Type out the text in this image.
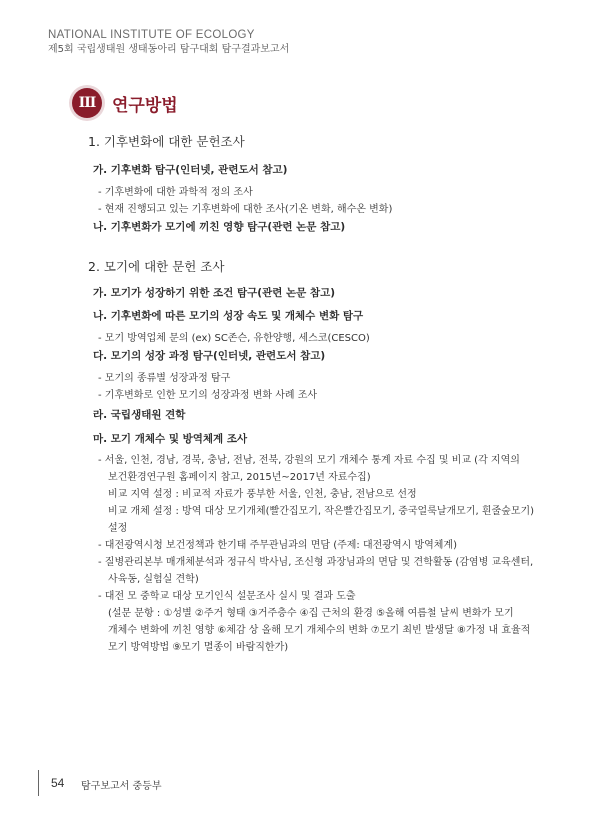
NATIONAL INSTITUTE OF ECOLOGY
제5회 국립생태원 생태동아리 탐구대회 탐구결과보고서
III 연구방법
1. 기후변화에 대한 문헌조사
가. 기후변화 탐구(인터넷, 관련도서 참고)
- 기후변화에 대한 과학적 정의 조사
- 현재 진행되고 있는 기후변화에 대한 조사(기온 변화, 해수온 변화)
나. 기후변화가 모기에 끼친 영향 탐구(관련 논문 참고)
2. 모기에 대한 문헌 조사
가. 모기가 성장하기 위한 조건 탐구(관련 논문 참고)
나. 기후변화에 따른 모기의 성장 속도 및 개체수 변화 탐구
- 모기 방역업체 문의 (ex) SC존슨, 유한양행, 세스코(CESCO)
다. 모기의 성장 과정 탐구(인터넷, 관련도서 참고)
- 모기의 종류별 성장과정 탐구
- 기후변화로 인한 모기의 성장과정 변화 사례 조사
라. 국립생태원 견학
마. 모기 개체수 및 방역체계 조사
- 서울, 인천, 경남, 경북, 충남, 전남, 전북, 강원의 모기 개체수 통계 자료 수집 및 비교 (각 지역의
보건환경연구원 홈페이지 참고, 2015년~2017년 자료수집)
비교 지역 설정 : 비교적 자료가 풍부한 서울, 인천, 충남, 전남으로 선정
비교 개체 설정 : 방역 대상 모기개체(빨간집모기, 작은빨간집모기, 중국얼룩날개모기, 흰줄숲모기)
설정
- 대전광역시청 보건정책과 한기태 주무관님과의 면담 (주제: 대전광역시 방역체계)
- 질병관리본부 매개체분석과 정규식 박사님, 조신형 과장님과의 면담 및 견학활동 (감염병 교육센터,
사육동, 실험실 견학)
- 대전 모 중학교 대상 모기인식 설문조사 실시 및 결과 도출
(설문 문항 : ①성별 ②주거 형태 ③거주층수 ④집 근처의 환경 ⑤올해 여름철 날씨 변화가 모기
개체수 변화에 끼친 영향 ⑥체감 상 올해 모기 개체수의 변화 ⑦모기 최빈 발생달 ⑧가정 내 효율적
모기 방역방법 ⑨모기 멸종이 바람직한가)
54 탐구보고서 중등부
